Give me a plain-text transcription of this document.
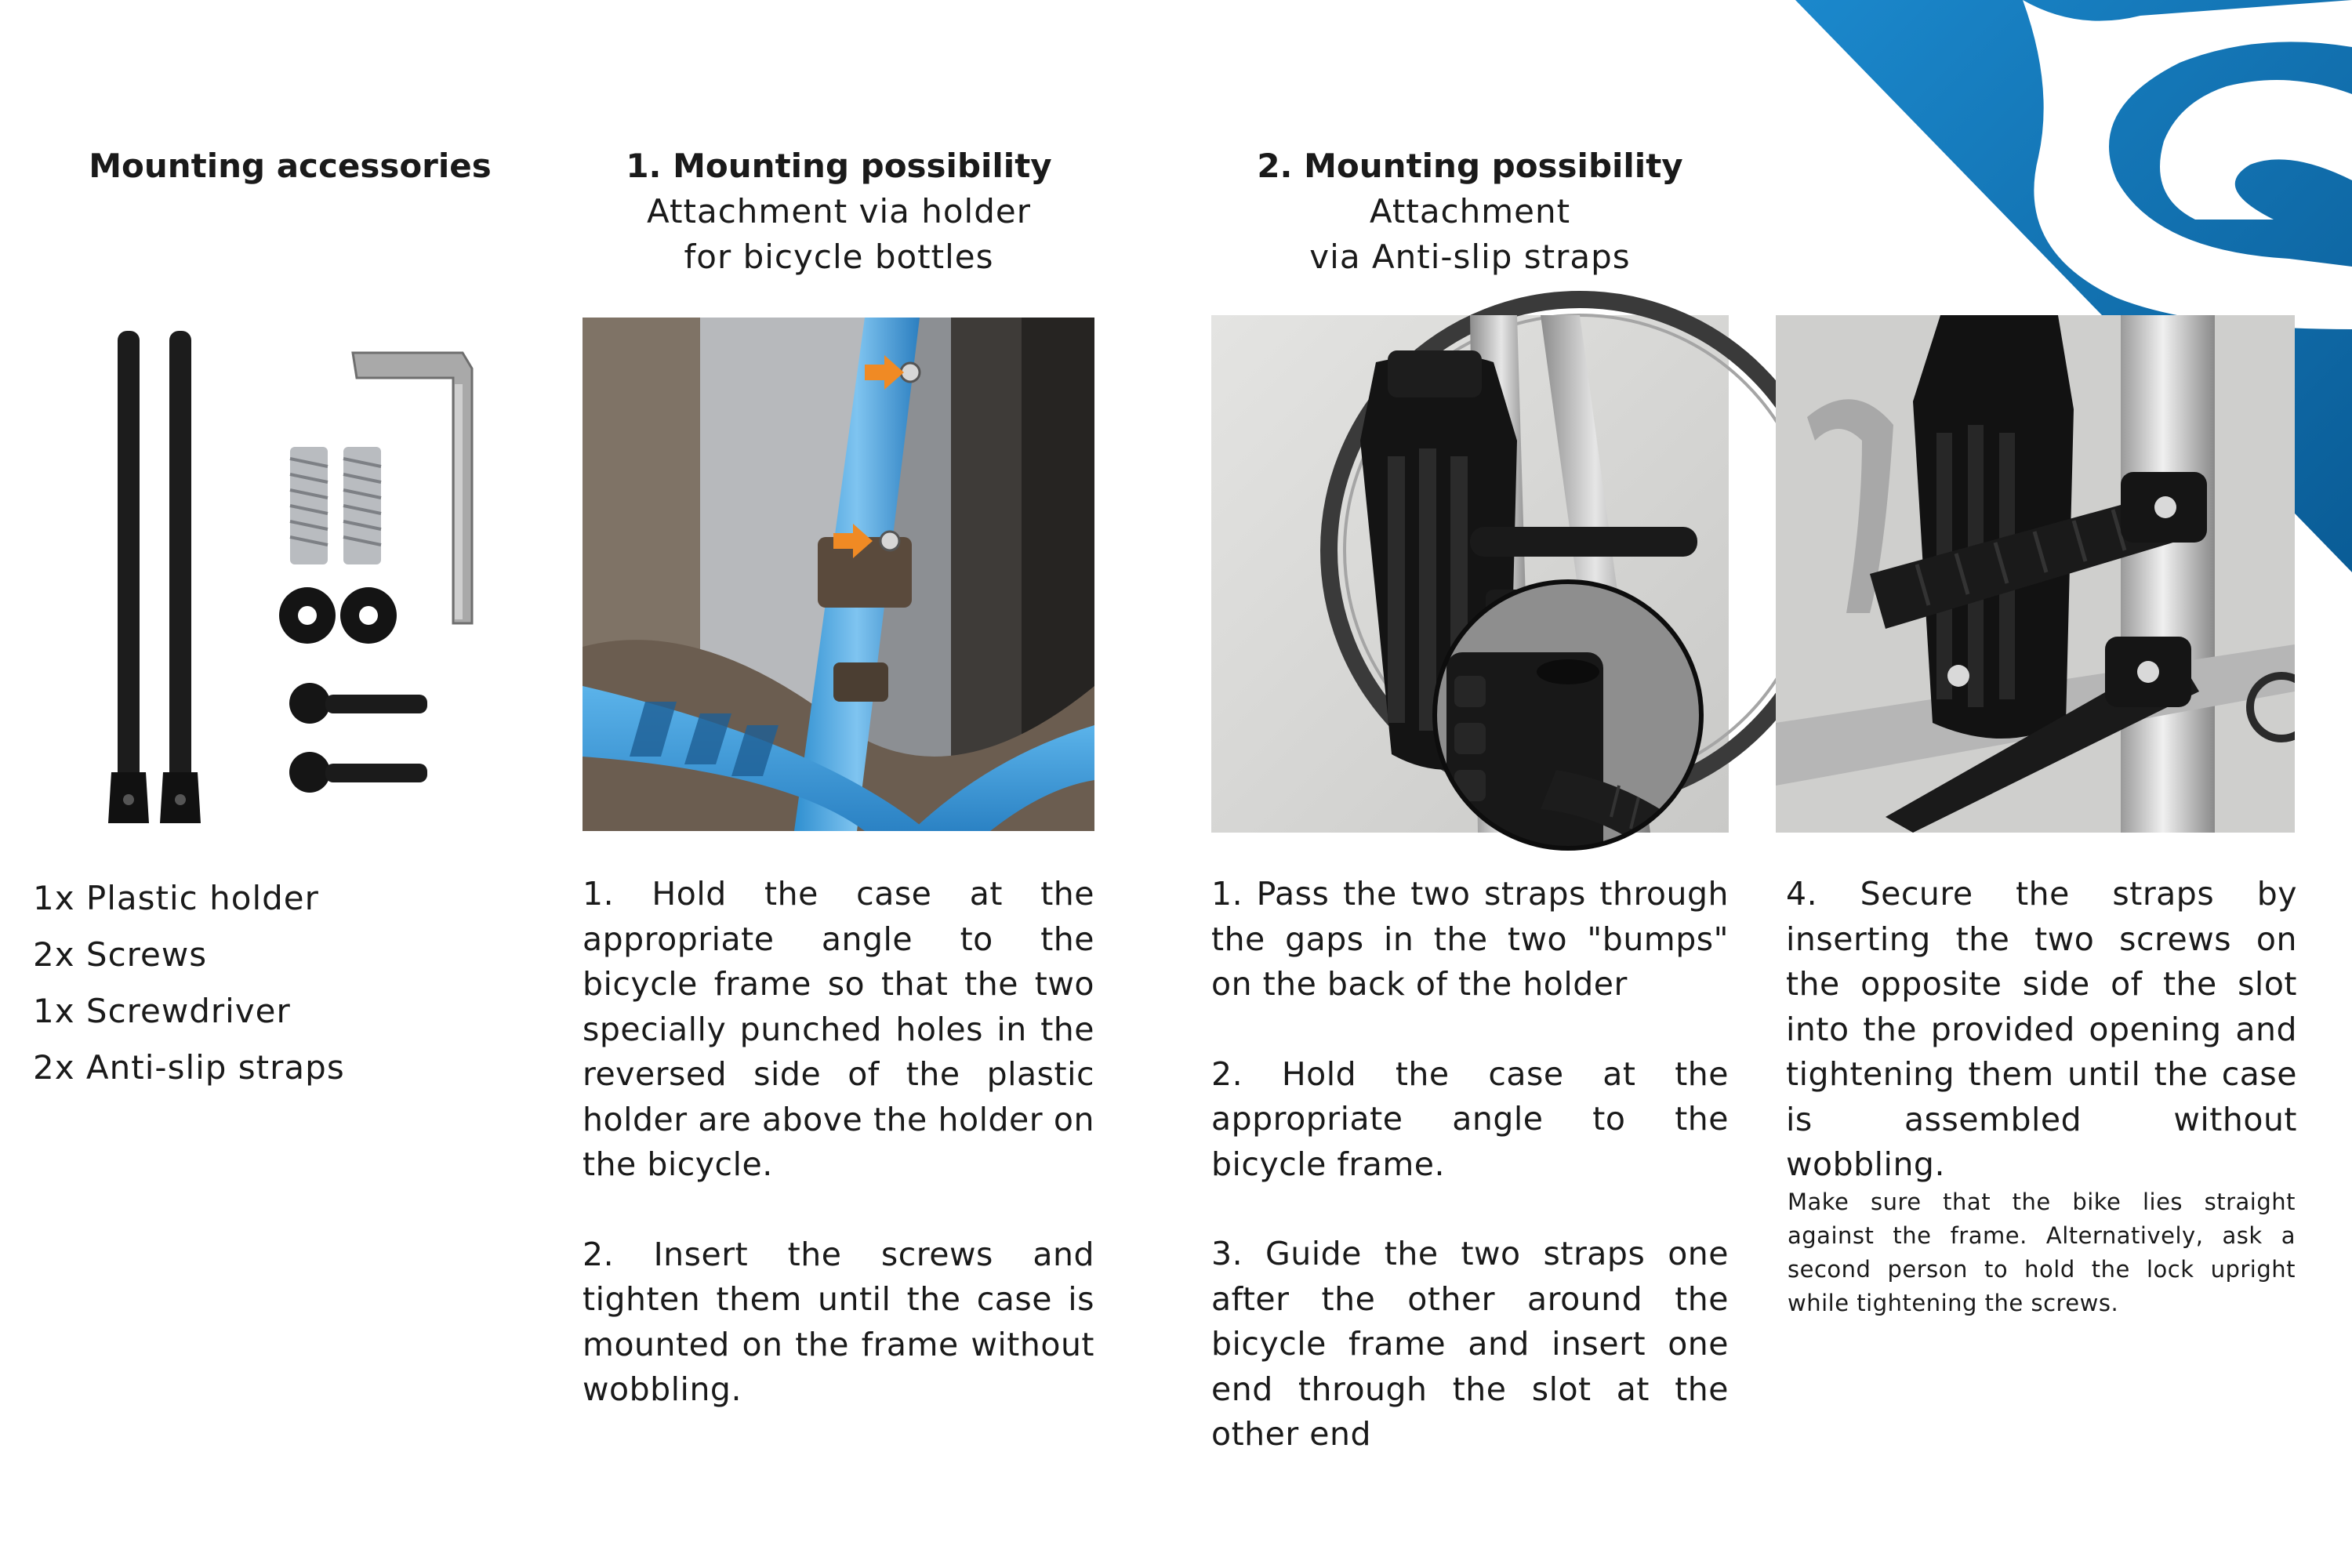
Mounting accessories	1. Mounting possibility
Attachment via holder
for bicycle bottles
2. Mounting possibility
Attachment
via Anti-slip straps
1x Plastic holder
2x Screws
1x Screwdriver
2x Anti-slip straps

1. Hold the case at the appropriate angle to the bicycle frame so that the two specially punched holes in the reversed side of the plastic holder are above the holder on the bicycle.

2. Insert the screws and tighten them until the case is mounted on the frame without wobbling.

1. Pass the two straps through the gaps in the two "bumps" on the back of the holder

2. Hold the case at the appropriate angle to the bicycle frame.

3. Guide the two straps one after the other around the bicycle frame and insert one end through the slot at the other end

4. Secure the straps by inserting the two screws on the opposite side of the slot into the provided opening and tightening them until the case is assembled without wobbling.

Make sure that the bike lies straight against the frame. Alternatively, ask a second person to hold the lock upright while tightening the screws.
